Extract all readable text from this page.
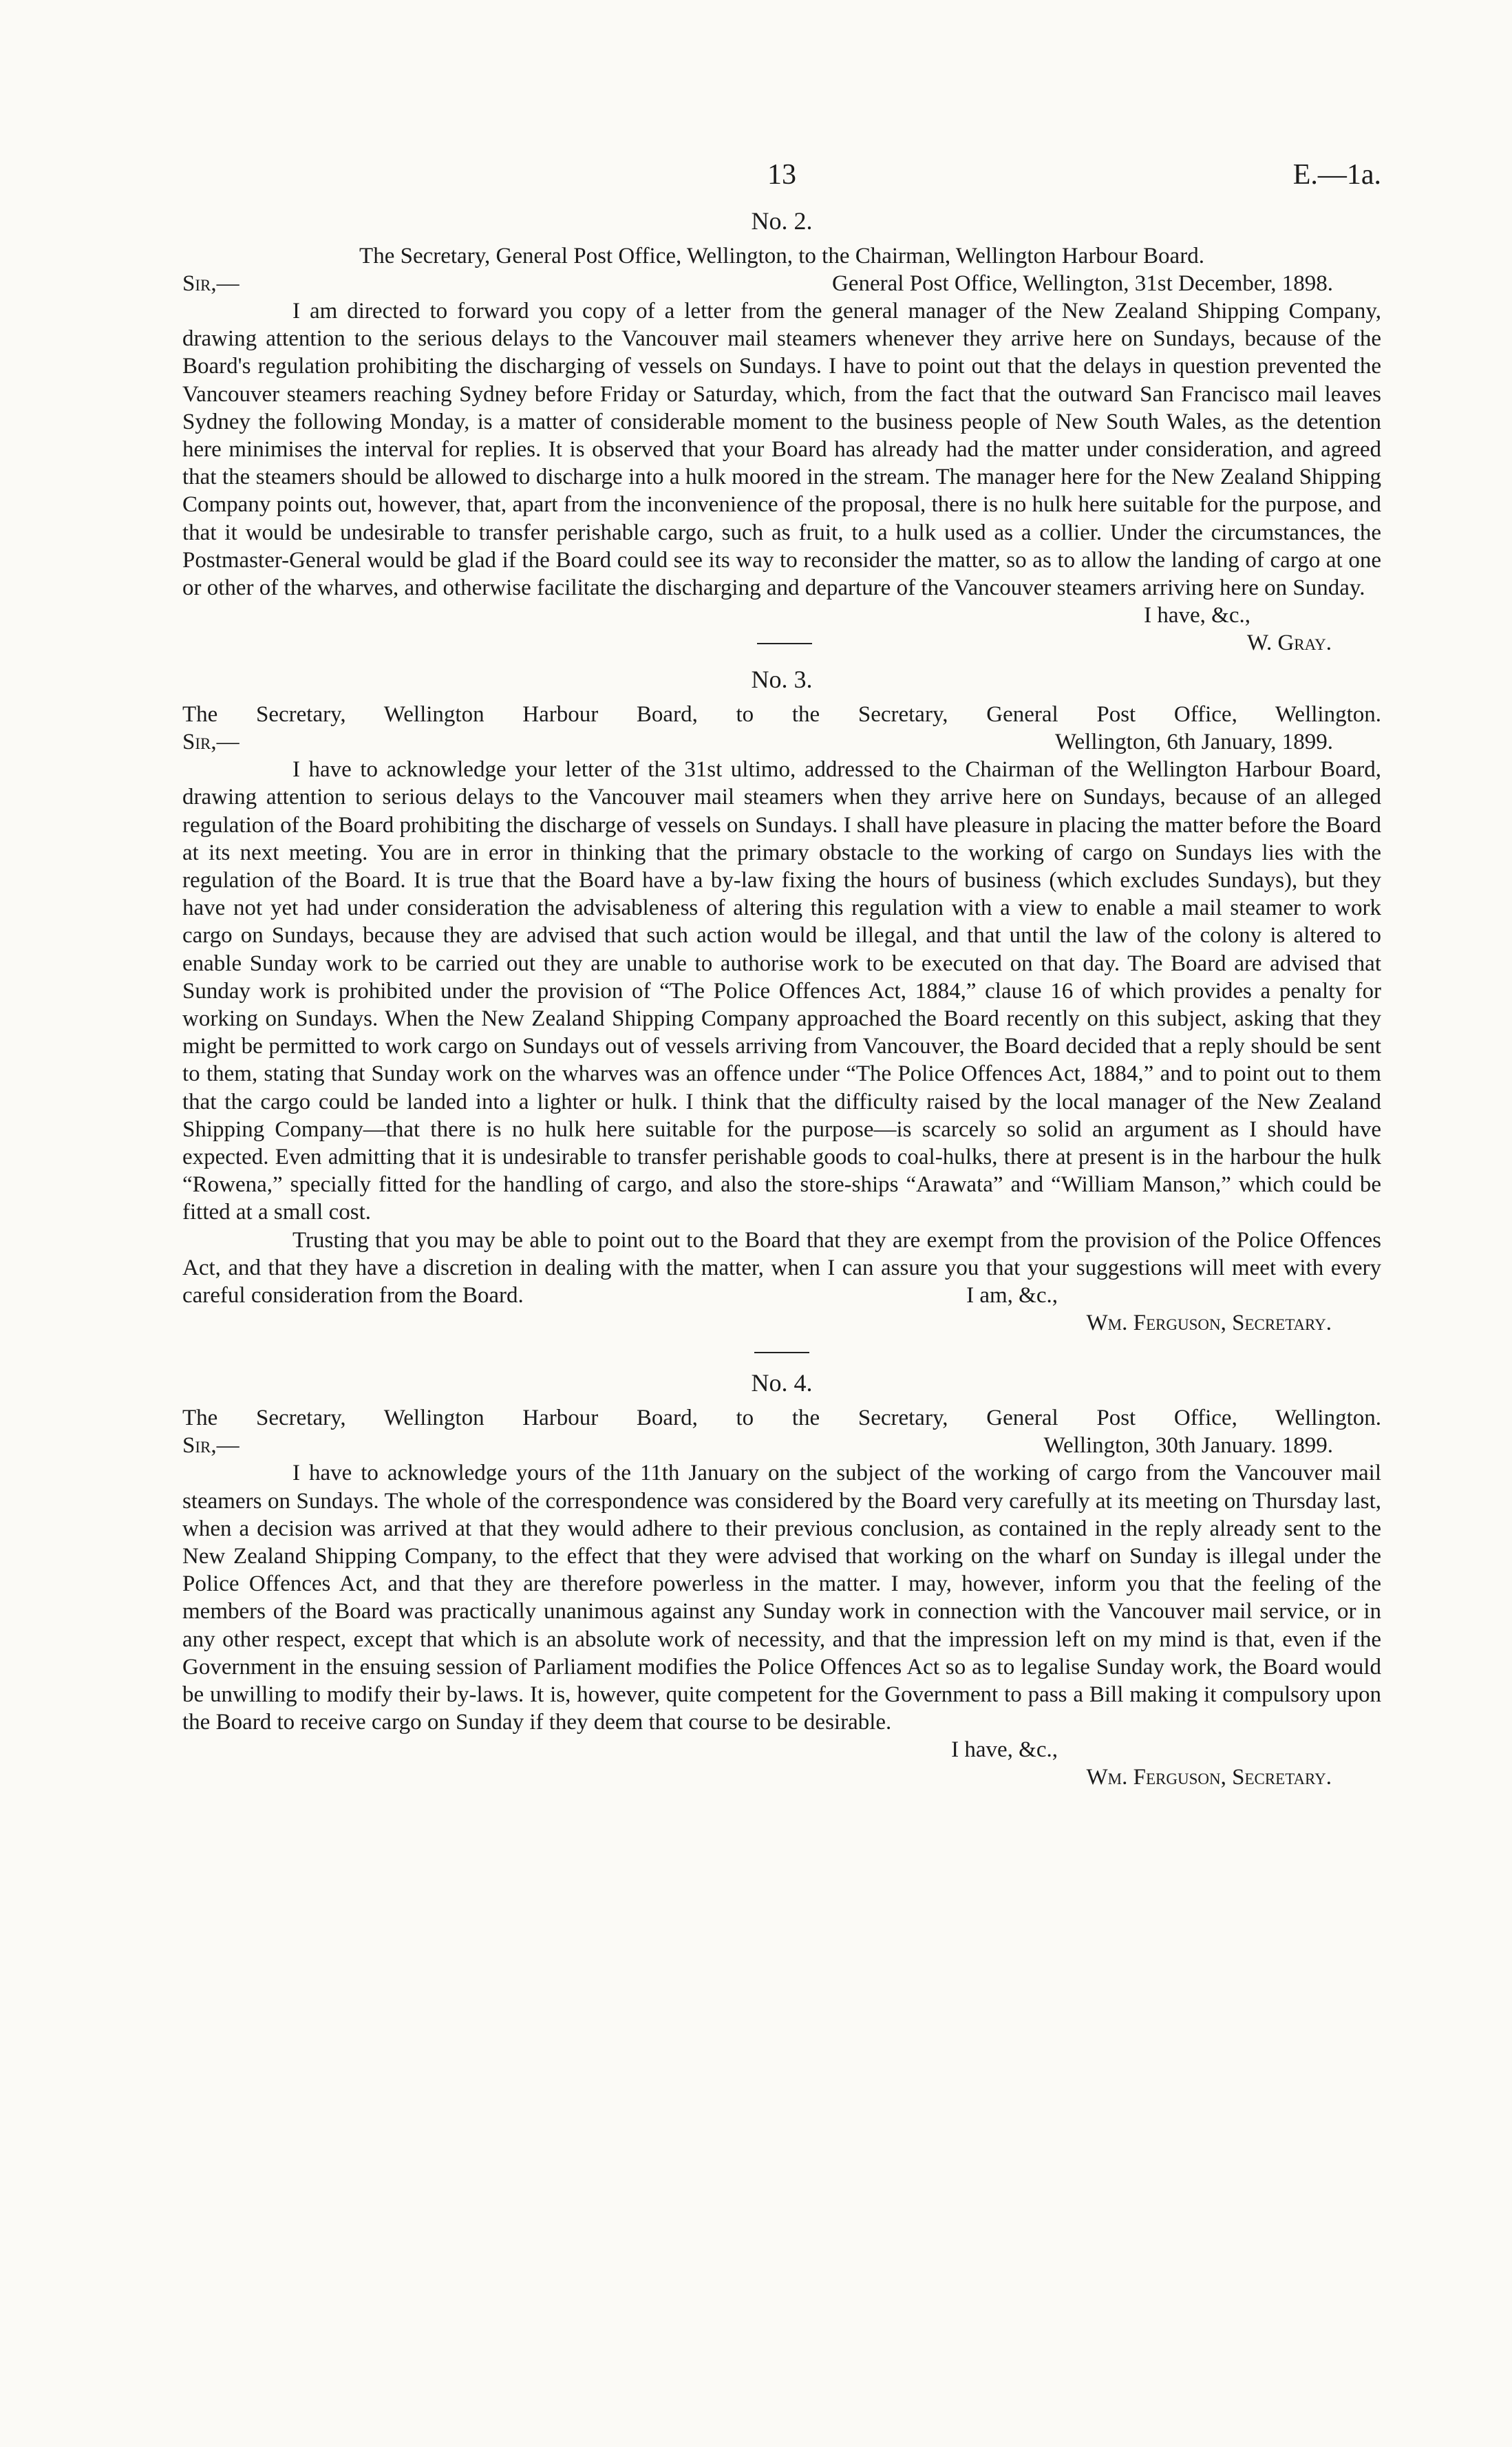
13	E.—1a.
No. 2.
The Secretary, General Post Office, Wellington, to the Chairman, Wellington Harbour Board.
Sir,—	General Post Office, Wellington, 31st December, 1898.

I am directed to forward you copy of a letter from the general manager of the New Zealand Shipping Company, drawing attention to the serious delays to the Vancouver mail steamers whenever they arrive here on Sundays, because of the Board's regulation prohibiting the discharging of vessels on Sundays. I have to point out that the delays in question prevented the Vancouver steamers reaching Sydney before Friday or Saturday, which, from the fact that the outward San Francisco mail leaves Sydney the following Monday, is a matter of considerable moment to the business people of New South Wales, as the detention here minimises the interval for replies. It is observed that your Board has already had the matter under consideration, and agreed that the steamers should be allowed to discharge into a hulk moored in the stream. The manager here for the New Zealand Shipping Company points out, however, that, apart from the inconvenience of the proposal, there is no hulk here suitable for the purpose, and that it would be undesirable to transfer perishable cargo, such as fruit, to a hulk used as a collier. Under the circumstances, the Postmaster-General would be glad if the Board could see its way to reconsider the matter, so as to allow the landing of cargo at one or other of the wharves, and otherwise facilitate the discharging and departure of the Vancouver steamers arriving here on Sunday.

I have, &c.,
W. Gray.
No. 3.
The Secretary, Wellington Harbour Board, to the Secretary, General Post Office, Wellington.
Sir,—	Wellington, 6th January, 1899.

I have to acknowledge your letter of the 31st ultimo, addressed to the Chairman of the Wellington Harbour Board, drawing attention to serious delays to the Vancouver mail steamers when they arrive here on Sundays, because of an alleged regulation of the Board prohibiting the discharge of vessels on Sundays. I shall have pleasure in placing the matter before the Board at its next meeting. You are in error in thinking that the primary obstacle to the working of cargo on Sundays lies with the regulation of the Board. It is true that the Board have a by-law fixing the hours of business (which excludes Sundays), but they have not yet had under consideration the advisableness of altering this regulation with a view to enable a mail steamer to work cargo on Sundays, because they are advised that such action would be illegal, and that until the law of the colony is altered to enable Sunday work to be carried out they are unable to authorise work to be executed on that day. The Board are advised that Sunday work is prohibited under the provision of “The Police Offences Act, 1884,” clause 16 of which provides a penalty for working on Sundays. When the New Zealand Shipping Company approached the Board recently on this subject, asking that they might be permitted to work cargo on Sundays out of vessels arriving from Vancouver, the Board decided that a reply should be sent to them, stating that Sunday work on the wharves was an offence under “The Police Offences Act, 1884,” and to point out to them that the cargo could be landed into a lighter or hulk. I think that the difficulty raised by the local manager of the New Zealand Shipping Company—that there is no hulk here suitable for the purpose—is scarcely so solid an argument as I should have expected. Even admitting that it is undesirable to transfer perishable goods to coal-hulks, there at present is in the harbour the hulk “Rowena,” specially fitted for the handling of cargo, and also the store-ships “Arawata” and “William Manson,” which could be fitted at a small cost.

Trusting that you may be able to point out to the Board that they are exempt from the provision of the Police Offences Act, and that they have a discretion in dealing with the matter, when I can assure you that your suggestions will meet with every careful consideration from the Board.	I am, &c.,
Wm. Ferguson, Secretary.
No. 4.
The Secretary, Wellington Harbour Board, to the Secretary, General Post Office, Wellington.
Sir,—	Wellington, 30th January. 1899.

I have to acknowledge yours of the 11th January on the subject of the working of cargo from the Vancouver mail steamers on Sundays. The whole of the correspondence was considered by the Board very carefully at its meeting on Thursday last, when a decision was arrived at that they would adhere to their previous conclusion, as contained in the reply already sent to the New Zealand Shipping Company, to the effect that they were advised that working on the wharf on Sunday is illegal under the Police Offences Act, and that they are therefore powerless in the matter. I may, however, inform you that the feeling of the members of the Board was practically unanimous against any Sunday work in connection with the Vancouver mail service, or in any other respect, except that which is an absolute work of necessity, and that the impression left on my mind is that, even if the Government in the ensuing session of Parliament modifies the Police Offences Act so as to legalise Sunday work, the Board would be unwilling to modify their by-laws. It is, however, quite competent for the Government to pass a Bill making it compulsory upon the Board to receive cargo on Sunday if they deem that course to be desirable.

I have, &c.,
Wm. Ferguson, Secretary.
